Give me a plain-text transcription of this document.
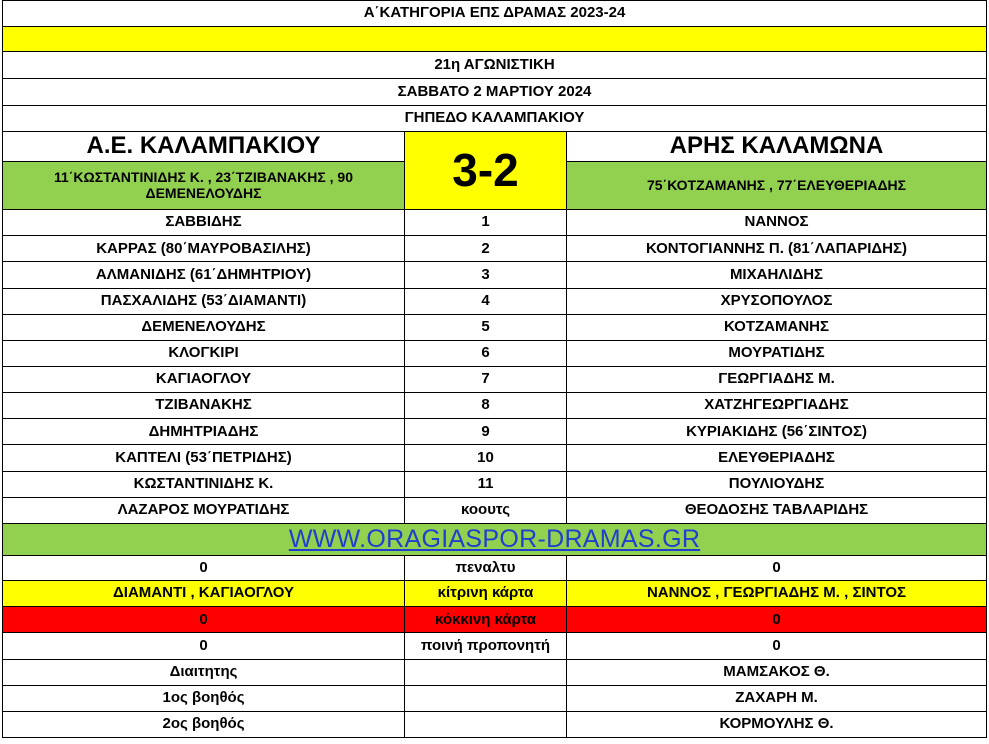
Α΄ΚΑΤΗΓΟΡΙΑ ΕΠΣ ΔΡΑΜΑΣ 2023-24		

21η ΑΓΩΝΙΣΤΙΚΗ		
ΣΑΒΒΑΤΟ 2 ΜΑΡΤΙΟΥ 2024		
ΓΗΠΕΔΟ ΚΑΛΑΜΠΑΚΙΟΥ		
Α.Ε. ΚΑΛΑΜΠΑΚΙΟΥ	3-2	ΑΡΗΣ ΚΑΛΑΜΩΝΑ
11΄ΚΩΣΤΑΝΤΙΝΙΔΗΣ Κ. , 23΄ΤΖΙΒΑΝΑΚΗΣ , 90 ΔΕΜΕΝΕΛΟΥΔΗΣ		75΄ΚΟΤΖΑΜΑΝΗΣ , 77΄ΕΛΕΥΘΕΡΙΑΔΗΣ
ΣΑΒΒΙΔΗΣ	1	ΝΑΝΝΟΣ
ΚΑΡΡΑΣ (80΄ΜΑΥΡΟΒΑΣΙΛΗΣ)	2	ΚΟΝΤΟΓΙΑΝΝΗΣ Π. (81΄ΛΑΠΑΡΙΔΗΣ)
ΑΛΜΑΝΙΔΗΣ (61΄ΔΗΜΗΤΡΙΟΥ)	3	ΜΙΧΑΗΛΙΔΗΣ
ΠΑΣΧΑΛΙΔΗΣ (53΄ΔΙΑΜΑΝΤΙ)	4	ΧΡΥΣΟΠΟΥΛΟΣ
ΔΕΜΕΝΕΛΟΥΔΗΣ	5	ΚΟΤΖΑΜΑΝΗΣ
ΚΛΟΓΚΙΡΙ	6	ΜΟΥΡΑΤΙΔΗΣ
ΚΑΓΙΑΟΓΛΟΥ	7	ΓΕΩΡΓΙΑΔΗΣ Μ.
ΤΖΙΒΑΝΑΚΗΣ	8	ΧΑΤΖΗΓΕΩΡΓΙΑΔΗΣ
ΔΗΜΗΤΡΙΑΔΗΣ	9	ΚΥΡΙΑΚΙΔΗΣ (56΄ΣΙΝΤΟΣ)
ΚΑΠΤΕΛΙ (53΄ΠΕΤΡΙΔΗΣ)	10	ΕΛΕΥΘΕΡΙΑΔΗΣ
ΚΩΣΤΑΝΤΙΝΙΔΗΣ Κ.	11	ΠΟΥΛΙΟΥΔΗΣ
ΛΑΖΑΡΟΣ ΜΟΥΡΑΤΙΔΗΣ	κοουτς	ΘΕΟΔΟΣΗΣ ΤΑΒΛΑΡΙΔΗΣ
WWW.ORAGIASPOR-DRAMAS.GR		
0	πεναλτυ	0
ΔΙΑΜΑΝΤΙ , ΚΑΓΙΑΟΓΛΟΥ	κίτρινη κάρτα	ΝΑΝΝΟΣ , ΓΕΩΡΓΙΑΔΗΣ Μ. , ΣΙΝΤΟΣ
0	κόκκινη κάρτα	0
0	ποινή προπονητή	0
Διαιτητης		ΜΑΜΣΑΚΟΣ Θ.
1ος βοηθός		ΖΑΧΑΡΗ Μ.
2ος βοηθός		ΚΟΡΜΟΥΛΗΣ Θ.
